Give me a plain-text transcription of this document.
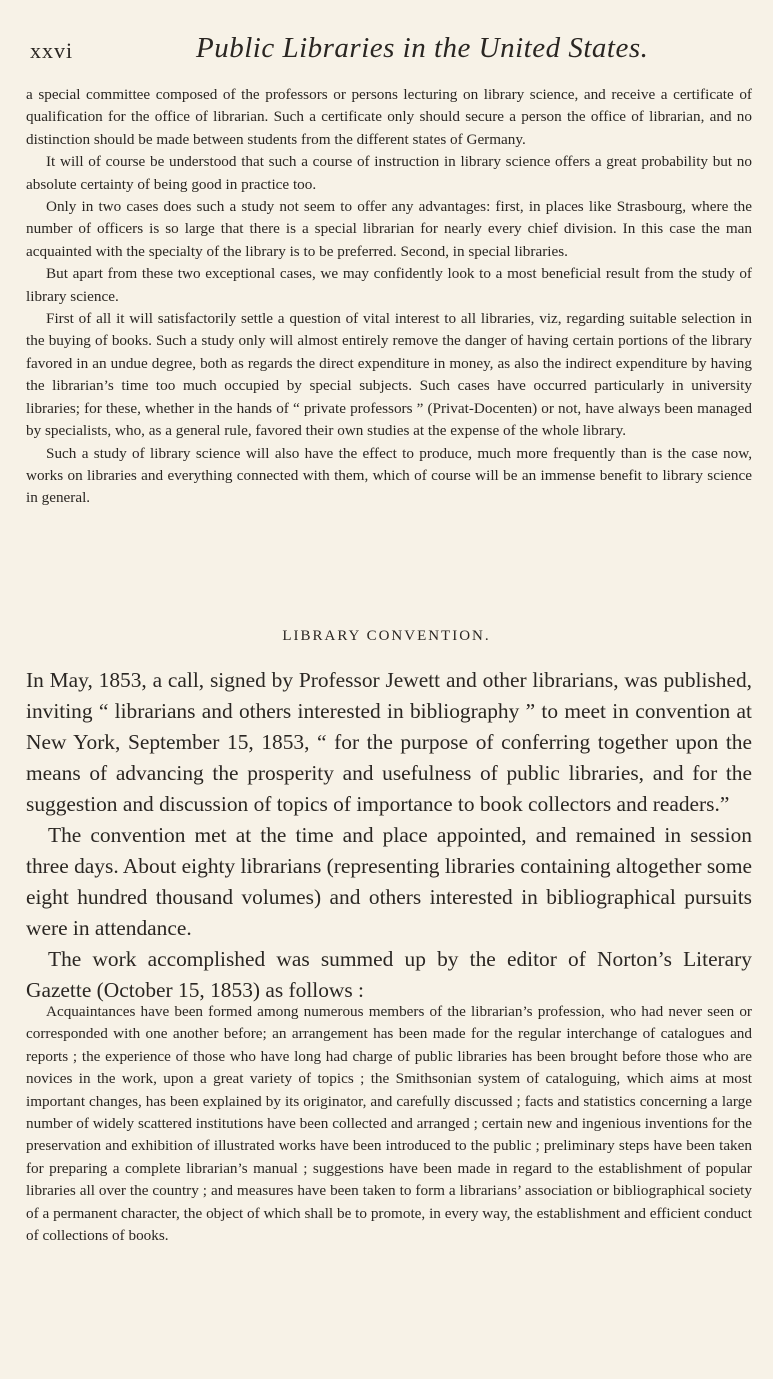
xxvi	Public Libraries in the United States.

a special committee composed of the professors or persons lecturing on library science, and receive a certificate of qualification for the office of librarian. Such a certificate only should secure a person the office of librarian, and no distinction should be made between students from the different states of Germany.

It will of course be understood that such a course of instruction in library science offers a great probability but no absolute certainty of being good in practice too.

Only in two cases does such a study not seem to offer any advantages: first, in places like Strasbourg, where the number of officers is so large that there is a special librarian for nearly every chief division. In this case the man acquainted with the specialty of the library is to be preferred. Second, in special libraries.

But apart from these two exceptional cases, we may confidently look to a most beneficial result from the study of library science.

First of all it will satisfactorily settle a question of vital interest to all libraries, viz, regarding suitable selection in the buying of books. Such a study only will almost entirely remove the danger of having certain portions of the library favored in an undue degree, both as regards the direct expenditure in money, as also the indirect expenditure by having the librarian’s time too much occupied by special subjects. Such cases have occurred particularly in university libraries; for these, whether in the hands of “ private professors ” (Privat-Docenten) or not, have always been managed by specialists, who, as a general rule, favored their own studies at the expense of the whole library.

Such a study of library science will also have the effect to produce, much more frequently than is the case now, works on libraries and everything connected with them, which of course will be an immense benefit to library science in general.

LIBRARY CONVENTION.

In May, 1853, a call, signed by Professor Jewett and other librarians, was published, inviting “ librarians and others interested in bibliography ” to meet in convention at New York, September 15, 1853, “ for the purpose of conferring together upon the means of advancing the prosperity and usefulness of public libraries, and for the suggestion and discussion of topics of importance to book collectors and readers.”

The convention met at the time and place appointed, and remained in session three days. About eighty librarians (representing libraries containing altogether some eight hundred thousand volumes) and others interested in bibliographical pursuits were in attendance.

The work accomplished was summed up by the editor of Norton’s Literary Gazette (October 15, 1853) as follows :

Acquaintances have been formed among numerous members of the librarian’s profession, who had never seen or corresponded with one another before; an arrangement has been made for the regular interchange of catalogues and reports ; the experience of those who have long had charge of public libraries has been brought before those who are novices in the work, upon a great variety of topics ; the Smithsonian system of cataloguing, which aims at most important changes, has been explained by its originator, and carefully discussed ; facts and statistics concerning a large number of widely scattered institutions have been collected and arranged ; certain new and ingenious inventions for the preservation and exhibition of illustrated works have been introduced to the public ; preliminary steps have been taken for preparing a complete librarian’s manual ; suggestions have been made in regard to the establishment of popular libraries all over the country ; and measures have been taken to form a librarians’ association or bibliographical society of a permanent character, the object of which shall be to promote, in every way, the establishment and efficient conduct of collections of books.
